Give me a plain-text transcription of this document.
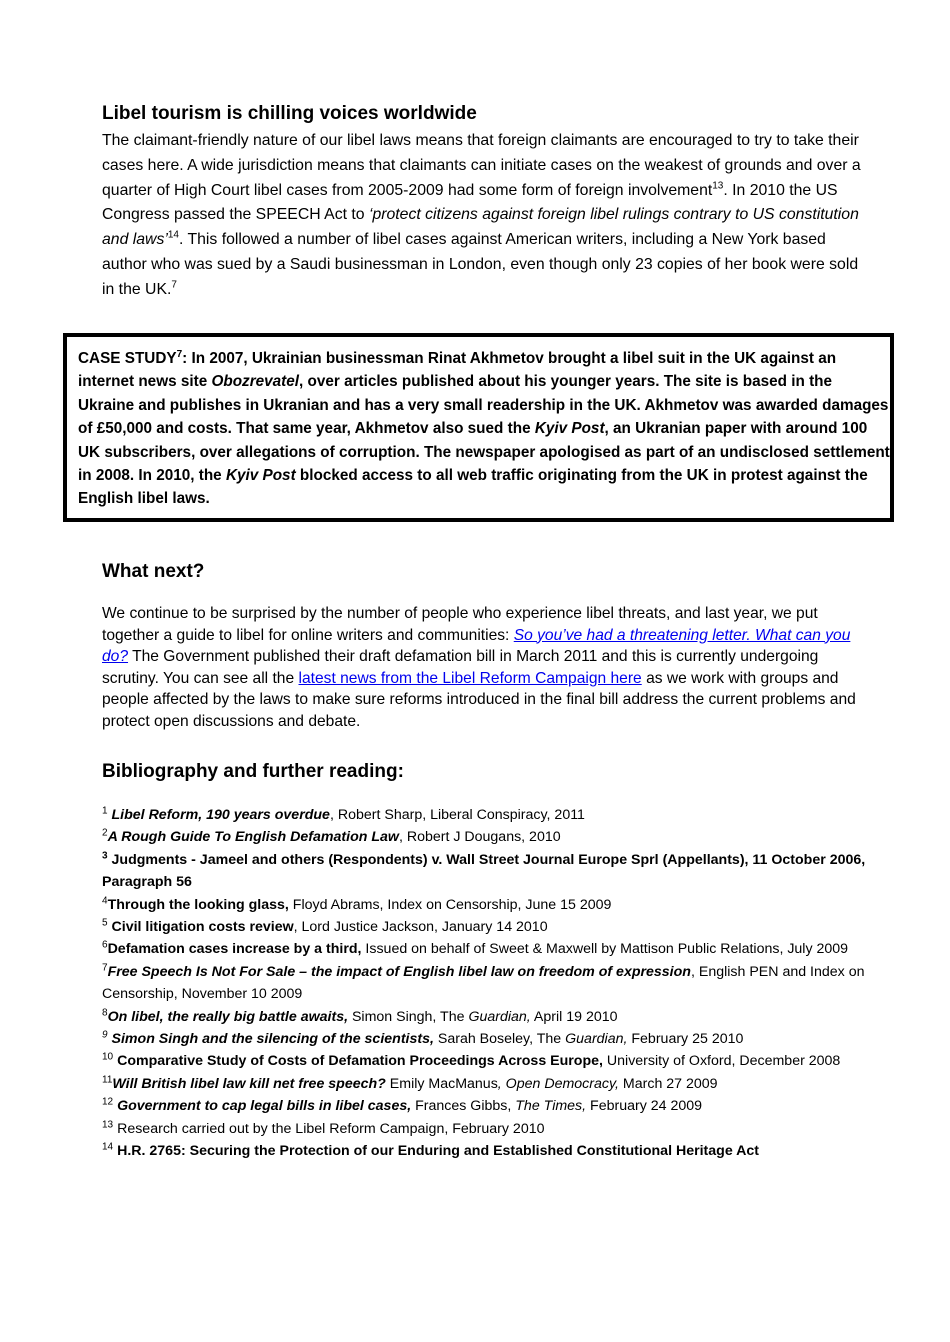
Libel tourism is chilling voices worldwide

The claimant-friendly nature of our libel laws means that foreign claimants are encouraged to try to take their cases here. A wide jurisdiction means that claimants can initiate cases on the weakest of grounds and over a quarter of High Court libel cases from 2005-2009 had some form of foreign involvement$^{13}$. In 2010 the US Congress passed the SPEECH Act to ‘protect citizens against foreign libel rulings contrary to US constitution and laws’$^{14}$. This followed a number of libel cases against American writers, including a New York based author who was sued by a Saudi businessman in London, even though only 23 copies of her book were sold in the UK.$^7$

CASE STUDY$^7$: In 2007, Ukrainian businessman Rinat Akhmetov brought a libel suit in the UK against an internet news site Obozrevatel, over articles published about his younger years. The site is based in the Ukraine and publishes in Ukranian and has a very small readership in the UK. Akhmetov was awarded damages of £50,000 and costs. That same year, Akhmetov also sued the Kyiv Post, an Ukranian paper with around 100 UK subscribers, over allegations of corruption. The newspaper apologised as part of an undisclosed settlement in 2008. In 2010, the Kyiv Post blocked access to all web traffic originating from the UK in protest against the English libel laws.
What next?

We continue to be surprised by the number of people who experience libel threats, and last year, we put together a guide to libel for online writers and communities: So you’ve had a threatening letter. What can you do? The Government published their draft defamation bill in March 2011 and this is currently undergoing scrutiny. You can see all the latest news from the Libel Reform Campaign here as we work with groups and people affected by the laws to make sure reforms introduced in the final bill address the current problems and protect open discussions and debate.

Bibliography and further reading:
$^1$ Libel Reform, 190 years overdue, Robert Sharp, Liberal Conspiracy, 2011
$^2$A Rough Guide To English Defamation Law, Robert J Dougans, 2010
$^3$ Judgments - Jameel and others (Respondents) v. Wall Street Journal Europe Sprl (Appellants), 11 October 2006, Paragraph 56
$^4$Through the looking glass, Floyd Abrams, Index on Censorship, June 15 2009
$^5$ Civil litigation costs review, Lord Justice Jackson, January 14 2010
$^6$Defamation cases increase by a third, Issued on behalf of Sweet & Maxwell by Mattison Public Relations, July 2009
$^7$Free Speech Is Not For Sale – the impact of English libel law on freedom of expression, English PEN and Index on Censorship, November 10 2009
$^8$On libel, the really big battle awaits, Simon Singh, The Guardian, April 19 2010
$^9$ Simon Singh and the silencing of the scientists, Sarah Boseley, The Guardian, February 25 2010
$^{10}$ Comparative Study of Costs of Defamation Proceedings Across Europe, University of Oxford, December 2008
$^{11}$Will British libel law kill net free speech? Emily MacManus, Open Democracy, March 27 2009
$^{12}$ Government to cap legal bills in libel cases, Frances Gibbs, The Times, February 24 2009
$^{13}$ Research carried out by the Libel Reform Campaign, February 2010
$^{14}$ H.R. 2765: Securing the Protection of our Enduring and Established Constitutional Heritage Act
